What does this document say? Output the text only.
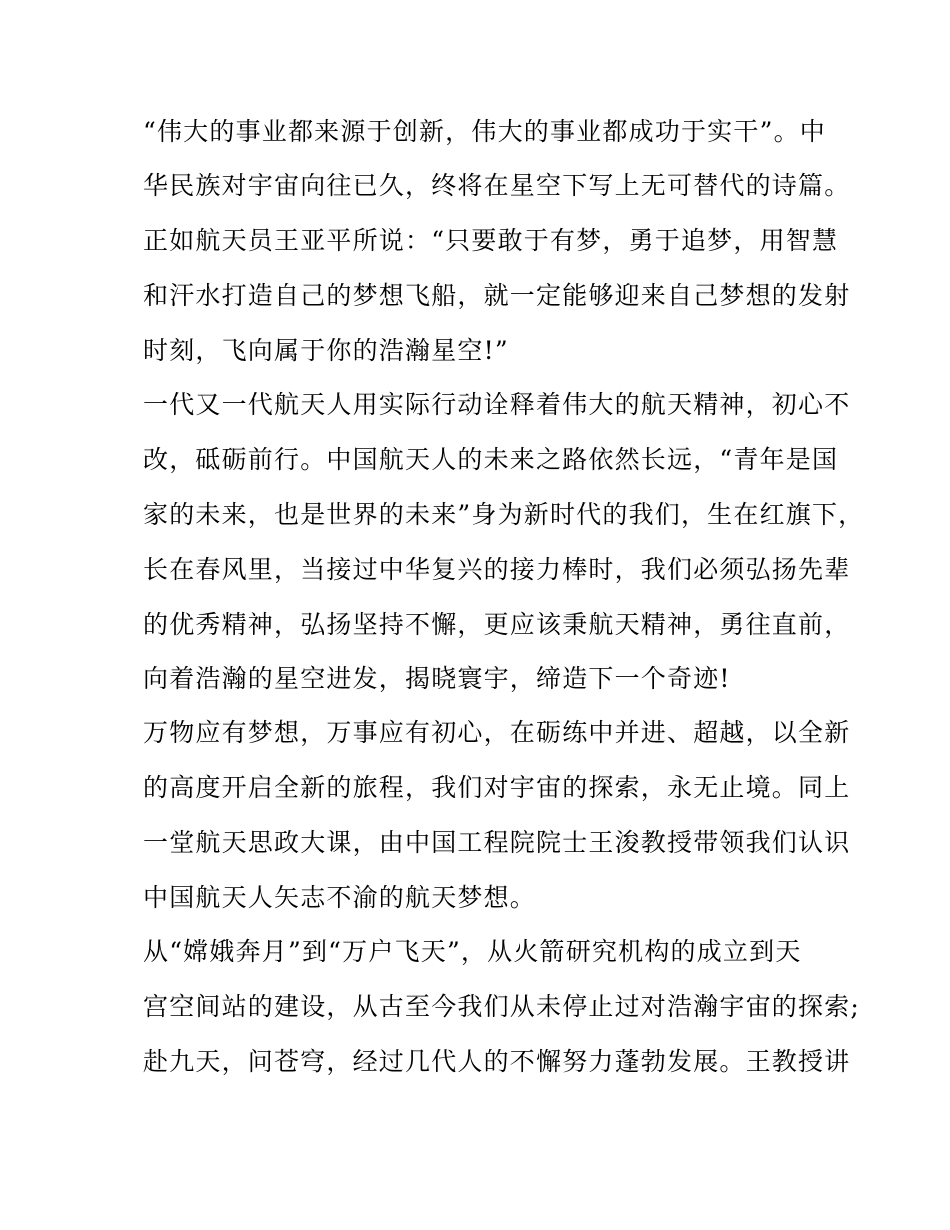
“伟大的事业都来源于创新，伟大的事业都成功于实干”。中
华民族对宇宙向往已久，终将在星空下写上无可替代的诗篇。
正如航天员王亚平所说：“只要敢于有梦，勇于追梦，用智慧
和汗水打造自己的梦想飞船，就一定能够迎来自己梦想的发射
时刻，飞向属于你的浩瀚星空!”
一代又一代航天人用实际行动诠释着伟大的航天精神，初心不
改，砥砺前行。中国航天人的未来之路依然长远，“青年是国
家的未来，也是世界的未来”身为新时代的我们，生在红旗下，
长在春风里，当接过中华复兴的接力棒时，我们必须弘扬先辈
的优秀精神，弘扬坚持不懈，更应该秉航天精神，勇往直前，
向着浩瀚的星空进发，揭晓寰宇，缔造下一个奇迹!
万物应有梦想，万事应有初心，在砺练中并进、超越，以全新
的高度开启全新的旅程，我们对宇宙的探索，永无止境。同上
一堂航天思政大课，由中国工程院院士王浚教授带领我们认识
中国航天人矢志不渝的航天梦想。
从“嫦娥奔月”到“万户飞天”，从火箭研究机构的成立到天
宫空间站的建设，从古至今我们从未停止过对浩瀚宇宙的探索;
赴九天，问苍穹，经过几代人的不懈努力蓬勃发展。王教授讲
